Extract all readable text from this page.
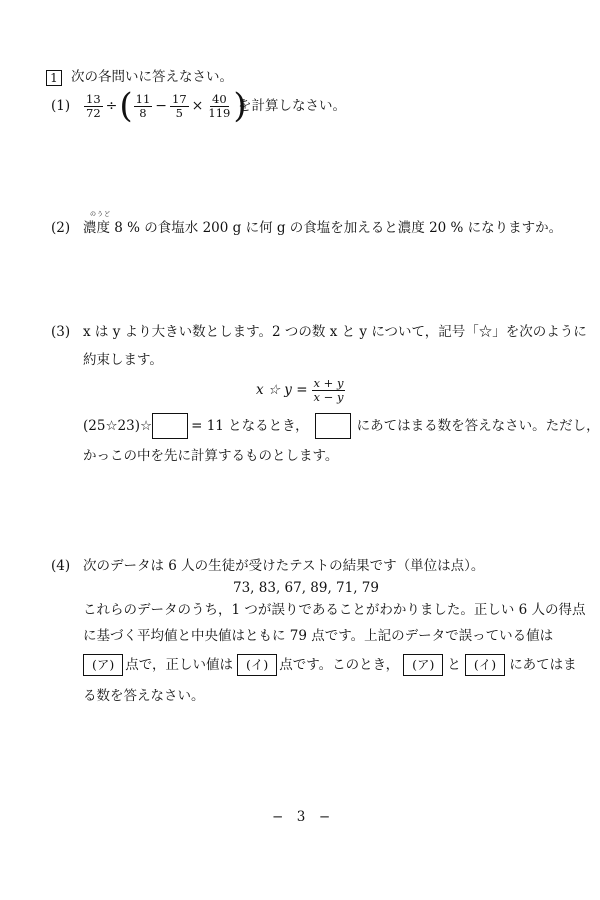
1 次の各問いに答えなさい。
$(1) \frac{13}{72}$ ÷ ( $\frac{11}{8} - \frac{17}{5} \times \frac{40}{119}$ )
を計算しなさい。
のうど
(2) 濃度 8 % の食塩水 200 g に何 g の食塩を加えると濃度 20 % になりますか。
(3) x は y より大きい数とします。2 つの数 x と y について，記号「☆」を次のように
約束します。
x ☆ $y = \frac{x + y}{x - y}$
(25☆23)☆	= 11 となるとき，	にあてはまる数を答えなさい。ただし，
かっこの中を先に計算するものとします。
(4) 次のデータは 6 人の生徒が受けたテストの結果です（単位は点）。
73, 83, 67, 89, 71, 79
これらのデータのうち，1 つが誤りであることがわかりました。正しい 6 人の得点
に基づく平均値と中央値はともに 79 点です。上記のデータで誤っている値は
(ア) 点で，正しい値は	(イ) 点です。このとき，	(ア) と	(イ) にあてはま
る数を答えなさい。
−　3　−
